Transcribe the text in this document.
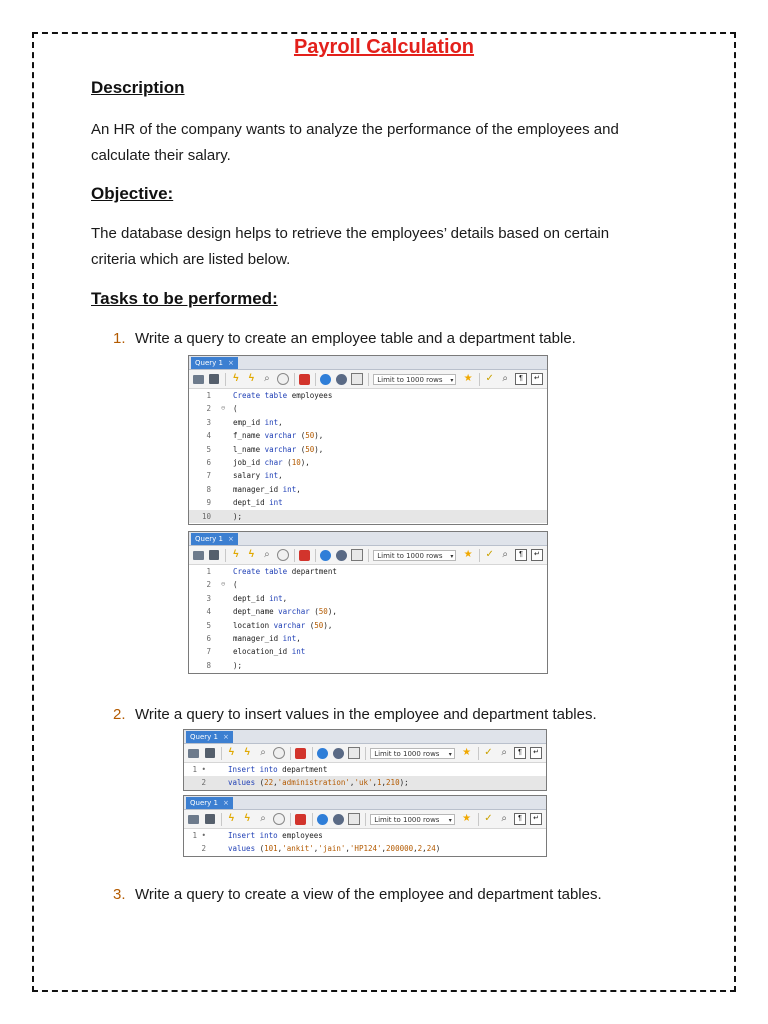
Payroll Calculation
Description
An HR of the company wants to analyze the performance of the employees and
calculate their salary.
Objective:
The database design helps to retrieve the employees’ details based on certain
criteria which are listed below.
Tasks to be performed:
1. Write a query to create an employee table and a department table.
Query 1 ×
ϟ	ϟ	⌕	Limit to 1000 rows ▾ ★ ✓ ⌕	¶	↵
1	Create table employees
2 ⊖ (
3	emp_id int,
4	f_name varchar (50),
5	l_name varchar (50),
6	job_id char (10),
7	salary int,
8	manager_id int,
9	dept_id int
10	);
Query 1 ×
ϟ	ϟ	⌕	Limit to 1000 rows ▾ ★ ✓ ⌕	¶	↵
1	Create table department
2 ⊖ (
3	dept_id int,
4	dept_name varchar (50),
5	location varchar (50),
6	manager_id int,
7	elocation_id int
8	);
2. Write a query to insert values in the employee and department tables.
Query 1 ×
ϟ	ϟ	⌕	Limit to 1000 rows ▾ ★ ✓ ⌕	¶	↵
1 •	Insert into department
2	values (22,'administration','uk',1,210);
Query 1 ×
ϟ	ϟ	⌕	Limit to 1000 rows ▾ ★ ✓ ⌕	¶	↵
1 •	Insert into employees
2	values (101,'ankit','jain','HP124',200000,2,24)
3. Write a query to create a view of the employee and department tables.
